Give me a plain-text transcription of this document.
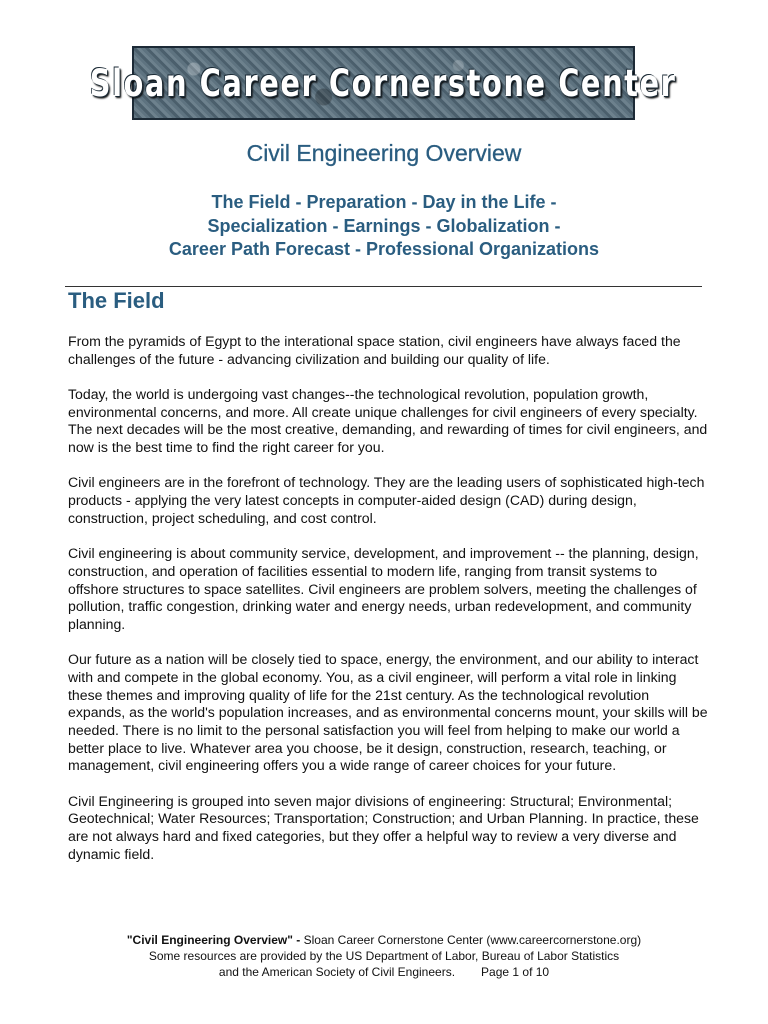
Sloan Career Cornerstone Center
Civil Engineering Overview
The Field - Preparation - Day in the Life -
Specialization - Earnings - Globalization -
Career Path Forecast - Professional Organizations
The Field

From the pyramids of Egypt to the interational space station, civil engineers have always faced the challenges of the future - advancing civilization and building our quality of life.

Today, the world is undergoing vast changes--the technological revolution, population growth, environmental concerns, and more. All create unique challenges for civil engineers of every specialty. The next decades will be the most creative, demanding, and rewarding of times for civil engineers, and now is the best time to find the right career for you.

Civil engineers are in the forefront of technology. They are the leading users of sophisticated high-tech products - applying the very latest concepts in computer-aided design (CAD) during design, construction, project scheduling, and cost control.

Civil engineering is about community service, development, and improvement -- the planning, design, construction, and operation of facilities essential to modern life, ranging from transit systems to offshore structures to space satellites. Civil engineers are problem solvers, meeting the challenges of pollution, traffic congestion, drinking water and energy needs, urban redevelopment, and community planning.

Our future as a nation will be closely tied to space, energy, the environment, and our ability to interact with and compete in the global economy. You, as a civil engineer, will perform a vital role in linking these themes and improving quality of life for the 21st century. As the technological revolution expands, as the world's population increases, and as environmental concerns mount, your skills will be needed. There is no limit to the personal satisfaction you will feel from helping to make our world a better place to live. Whatever area you choose, be it design, construction, research, teaching, or management, civil engineering offers you a wide range of career choices for your future.

Civil Engineering is grouped into seven major divisions of engineering: Structural; Environmental; Geotechnical; Water Resources; Transportation; Construction; and Urban Planning. In practice, these are not always hard and fixed categories, but they offer a helpful way to review a very diverse and dynamic field.

"Civil Engineering Overview" - Sloan Career Cornerstone Center (www.careercornerstone.org)
Some resources are provided by the US Department of Labor, Bureau of Labor Statistics
and the American Society of Civil Engineers. Page 1 of 10
